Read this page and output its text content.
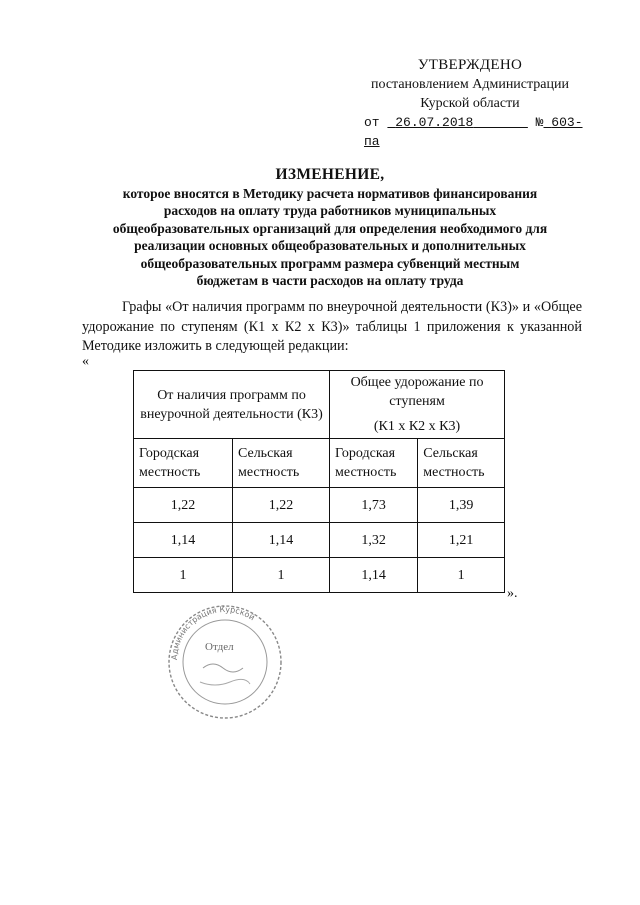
УТВЕРЖДЕНО
постановлением Администрации
Курской области
от 26.07.2018	№ 603-па
ИЗМЕНЕНИЕ,
которое вносятся в Методику расчета нормативов финансирования
расходов на оплату труда работников муниципальных
общеобразовательных организаций для определения необходимого для
реализации основных общеобразовательных и дополнительных
общеобразовательных программ размера субвенций местным
бюджетам в части расходов на оплату труда
Графы «От наличия программ по внеурочной деятельности (К3)» и «Общее удорожание по ступеням (К1 х К2 х К3)» таблицы 1 приложения к указанной Методике изложить в следующей редакции:
«
От наличия программ по внеурочной деятельности (К3)		Общее удорожание по ступеням
(К1 х К2 х К3)	

Городская местность	Сельская местность	Городская местность	Сельская местность
1,22	1,22	1,73	1,39
1,14	1,14	1,32	1,21
1	1	1,14	1
».
Администрация Курской
Отдел
